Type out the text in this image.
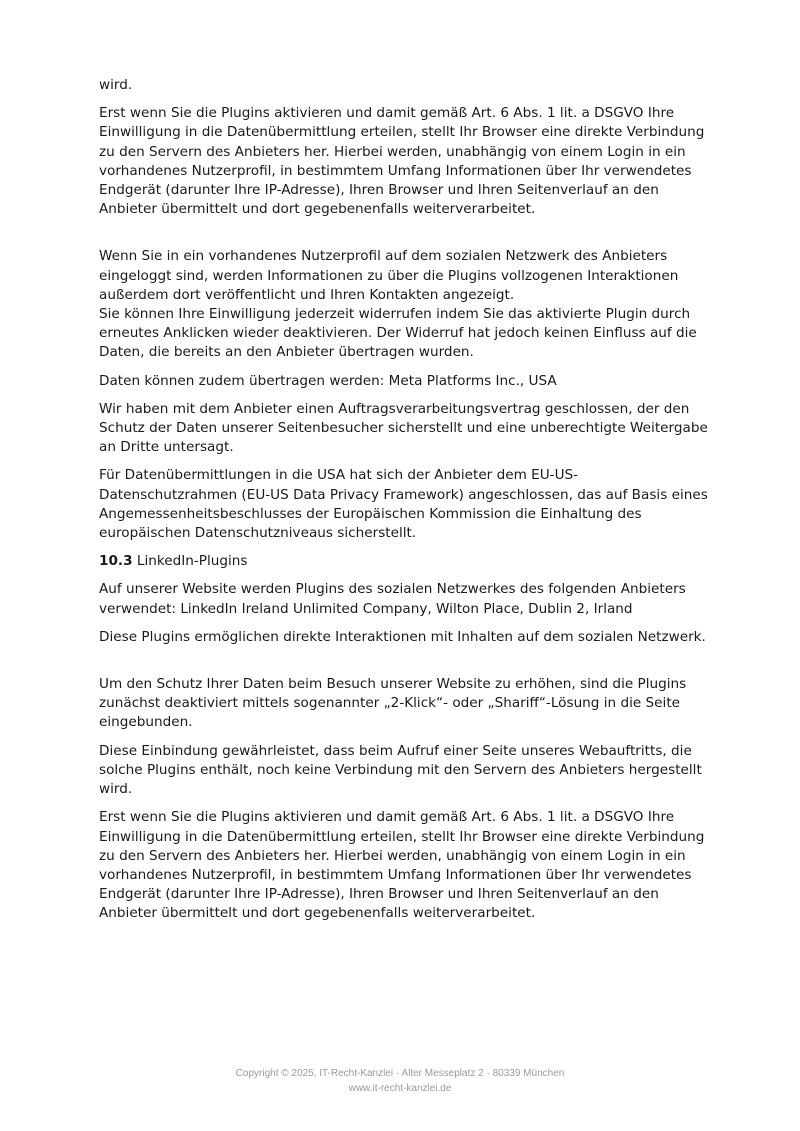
wird.

Erst wenn Sie die Plugins aktivieren und damit gemäß Art. 6 Abs. 1 lit. a DSGVO Ihre Einwilligung in die Datenübermittlung erteilen, stellt Ihr Browser eine direkte Verbindung zu den Servern des Anbieters her. Hierbei werden, unabhängig von einem Login in ein vorhandenes Nutzerprofil, in bestimmtem Umfang Informationen über Ihr verwendetes Endgerät (darunter Ihre IP-Adresse), Ihren Browser und Ihren Seitenverlauf an den Anbieter übermittelt und dort gegebenenfalls weiterverarbeitet.

Wenn Sie in ein vorhandenes Nutzerprofil auf dem sozialen Netzwerk des Anbieters eingeloggt sind, werden Informationen zu über die Plugins vollzogenen Interaktionen außerdem dort veröffentlicht und Ihren Kontakten angezeigt.
Sie können Ihre Einwilligung jederzeit widerrufen indem Sie das aktivierte Plugin durch erneutes Anklicken wieder deaktivieren. Der Widerruf hat jedoch keinen Einfluss auf die Daten, die bereits an den Anbieter übertragen wurden.

Daten können zudem übertragen werden: Meta Platforms Inc., USA

Wir haben mit dem Anbieter einen Auftragsverarbeitungsvertrag geschlossen, der den Schutz der Daten unserer Seitenbesucher sicherstellt und eine unberechtigte Weitergabe an Dritte untersagt.

Für Datenübermittlungen in die USA hat sich der Anbieter dem EU-US-Datenschutzrahmen (EU-US Data Privacy Framework) angeschlossen, das auf Basis eines Angemessenheitsbeschlusses der Europäischen Kommission die Einhaltung des europäischen Datenschutzniveaus sicherstellt.

10.3 LinkedIn-Plugins

Auf unserer Website werden Plugins des sozialen Netzwerkes des folgenden Anbieters verwendet: LinkedIn Ireland Unlimited Company, Wilton Place, Dublin 2, Irland

Diese Plugins ermöglichen direkte Interaktionen mit Inhalten auf dem sozialen Netzwerk.

Um den Schutz Ihrer Daten beim Besuch unserer Website zu erhöhen, sind die Plugins zunächst deaktiviert mittels sogenannter „2-Klick“- oder „Shariff“-Lösung in die Seite eingebunden.

Diese Einbindung gewährleistet, dass beim Aufruf einer Seite unseres Webauftritts, die solche Plugins enthält, noch keine Verbindung mit den Servern des Anbieters hergestellt wird.

Erst wenn Sie die Plugins aktivieren und damit gemäß Art. 6 Abs. 1 lit. a DSGVO Ihre Einwilligung in die Datenübermittlung erteilen, stellt Ihr Browser eine direkte Verbindung zu den Servern des Anbieters her. Hierbei werden, unabhängig von einem Login in ein vorhandenes Nutzerprofil, in bestimmtem Umfang Informationen über Ihr verwendetes Endgerät (darunter Ihre IP-Adresse), Ihren Browser und Ihren Seitenverlauf an den Anbieter übermittelt und dort gegebenenfalls weiterverarbeitet.

Copyright © 2025, IT-Recht-Kanzlei · Alter Messeplatz 2 · 80339 München
www.it-recht-kanzlei.de
